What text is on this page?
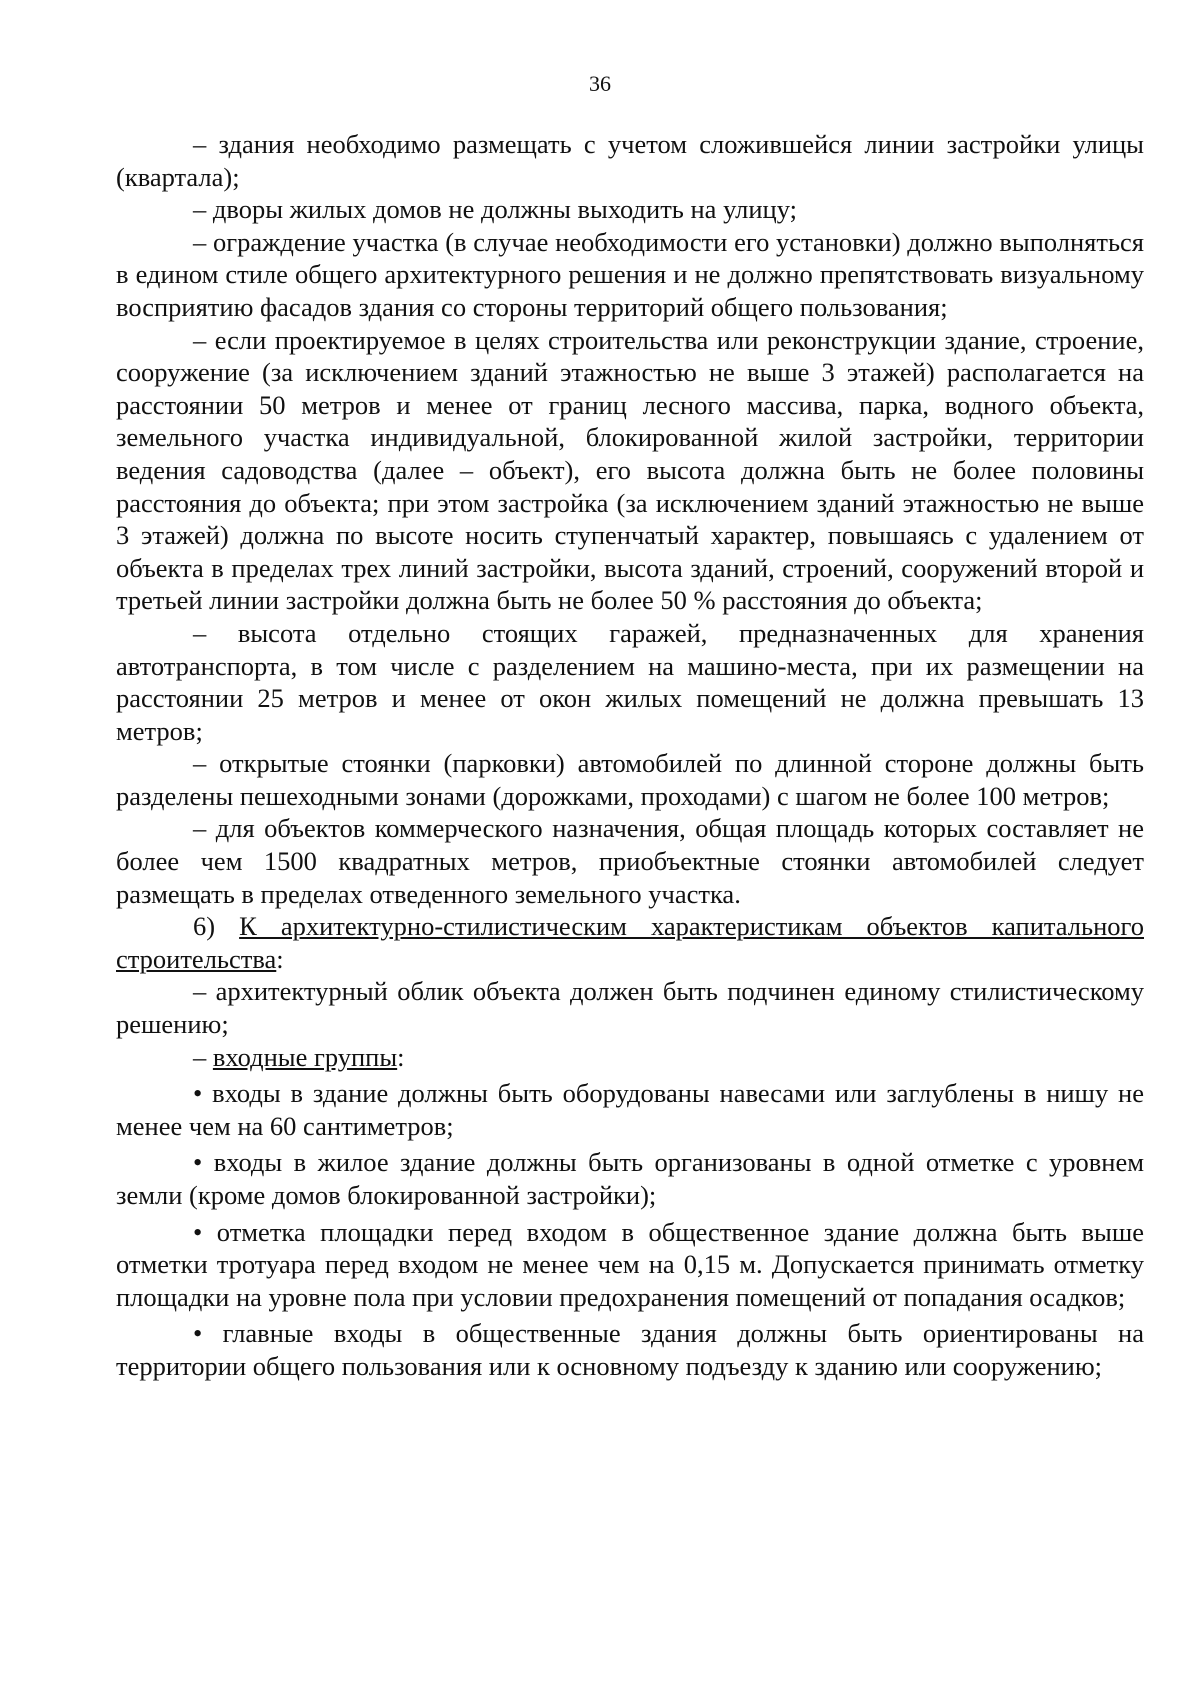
36

– здания необходимо размещать с учетом сложившейся линии застройки улицы (квартала);

– дворы жилых домов не должны выходить на улицу;

– ограждение участка (в случае необходимости его установки) должно выполняться в едином стиле общего архитектурного решения и не должно препятствовать визуальному восприятию фасадов здания со стороны территорий общего пользования;

– если проектируемое в целях строительства или реконструкции здание, строение, сооружение (за исключением зданий этажностью не выше 3 этажей) располагается на расстоянии 50 метров и менее от границ лесного массива, парка, водного объекта, земельного участка индивидуальной, блокированной жилой застройки, территории ведения садоводства (далее – объект), его высота должна быть не более половины расстояния до объекта; при этом застройка (за исключением зданий этажностью не выше 3 этажей) должна по высоте носить ступенчатый характер, повышаясь с удалением от объекта в пределах трех линий застройки, высота зданий, строений, сооружений второй и третьей линии застройки должна быть не более 50 % расстояния до объекта;

– высота отдельно стоящих гаражей, предназначенных для хранения автотранспорта, в том числе с разделением на машино-места, при их размещении на расстоянии 25 метров и менее от окон жилых помещений не должна превышать 13 метров;

– открытые стоянки (парковки) автомобилей по длинной стороне должны быть разделены пешеходными зонами (дорожками, проходами) с шагом не более 100 метров;

– для объектов коммерческого назначения, общая площадь которых составляет не более чем 1500 квадратных метров, приобъектные стоянки автомобилей следует размещать в пределах отведенного земельного участка.

6) К архитектурно-стилистическим характеристикам объектов капитального строительства:

– архитектурный облик объекта должен быть подчинен единому стилистическому решению;

– входные группы:

• входы в здание должны быть оборудованы навесами или заглублены в нишу не менее чем на 60 сантиметров;

• входы в жилое здание должны быть организованы в одной отметке с уровнем земли (кроме домов блокированной застройки);

• отметка площадки перед входом в общественное здание должна быть выше отметки тротуара перед входом не менее чем на 0,15 м. Допускается принимать отметку площадки на уровне пола при условии предохранения помещений от попадания осадков;

• главные входы в общественные здания должны быть ориентированы на территории общего пользования или к основному подъезду к зданию или сооружению;
